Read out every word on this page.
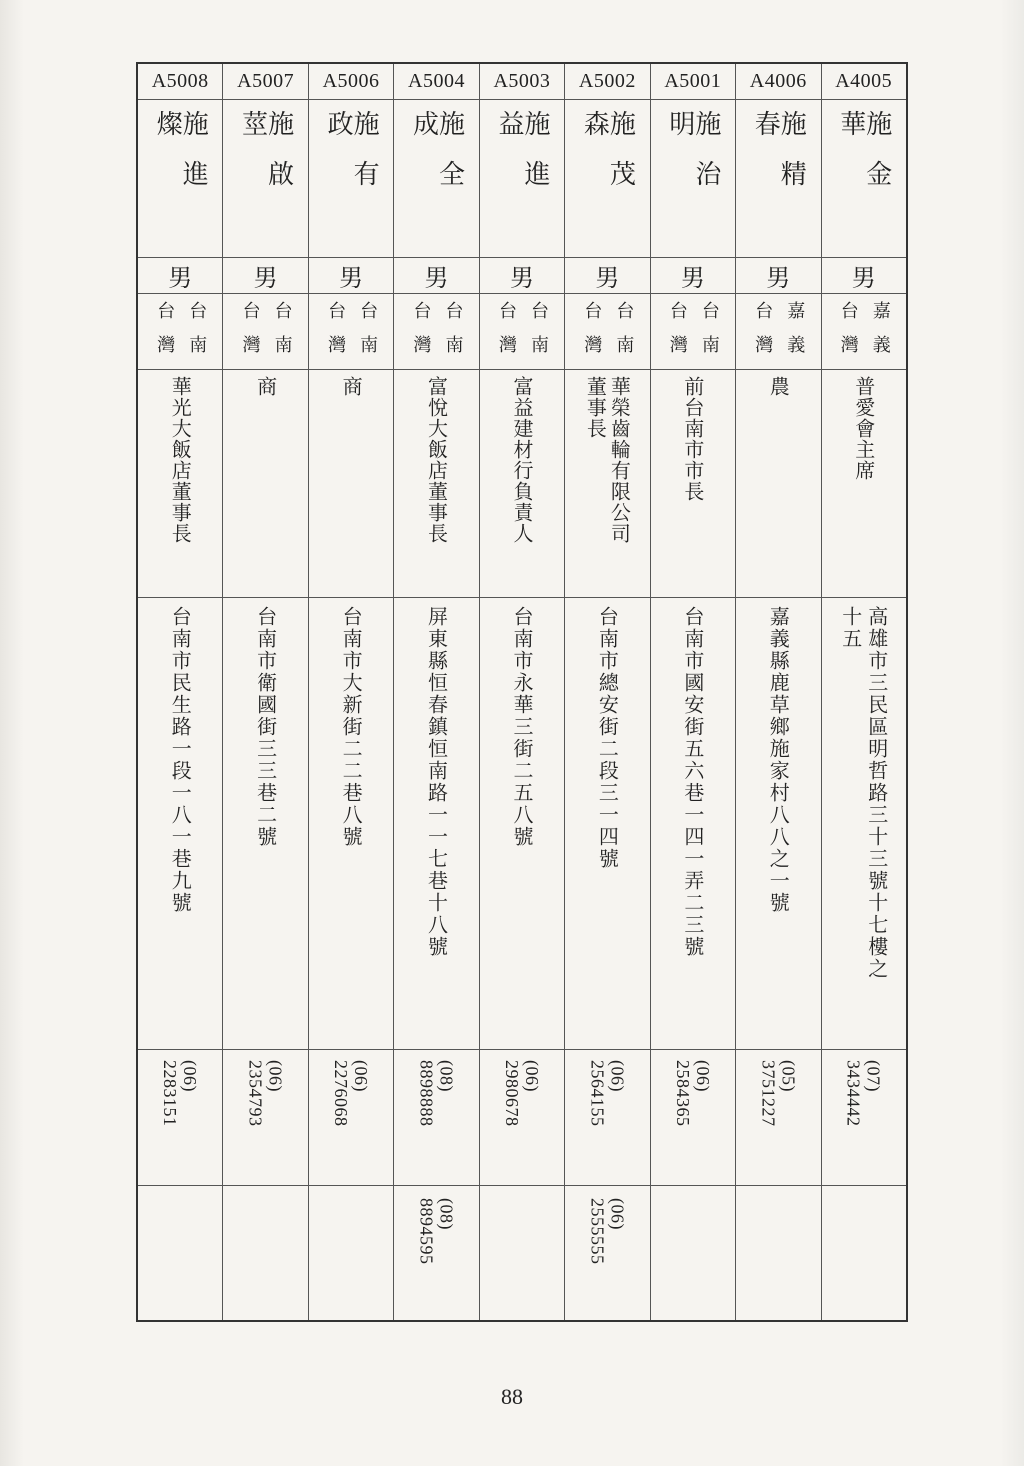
A5008
施進燦
男
台南
台灣
華光大飯店董事長
台南市民生路一段一八一巷九號
(06)
2283151
A5007
施啟莖
男
台南
台灣
商
台南市衛國街三三巷二號
(06)
2354793
A5006
施有政
男
台南
台灣
商
台南市大新街二二巷八號
(06)
2276068
A5004
施全成
男
台南
台灣
富悅大飯店董事長
屏東縣恒春鎮恒南路一一七巷十八號
(08)
8898888
(08)
8894595
A5003
施進益
男
台南
台灣
富益建材行負責人
台南市永華三街二五八號
(06)
2980678
A5002
施茂森
男
台南
台灣
華榮齒輪有限公司
董事長
台南市總安街二段三一四號
(06)
2564155
(06)
2555555
A5001
施治明
男
台南
台灣
前台南市市長
台南市國安街五六巷一四一弄二三號
(06)
2584365
A4006
施精春
男
嘉義
台灣
農
嘉義縣鹿草鄉施家村八八之一號
(05)
3751227
A4005
施金華
男
嘉義
台灣
普愛會主席
高雄市三民區明哲路三十三號十七樓之
十五
(07)
3434442
88
